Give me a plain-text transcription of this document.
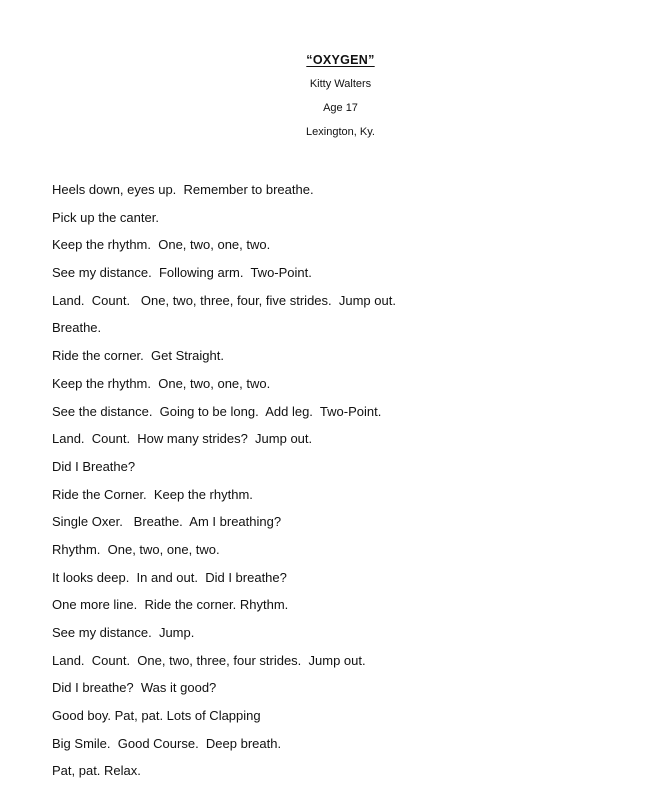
“OXYGEN”

Kitty Walters

Age 17

Lexington, Ky.

Heels down, eyes up.  Remember to breathe.
Pick up the canter.
Keep the rhythm.  One, two, one, two.
See my distance.  Following arm.  Two-Point.
Land.  Count.   One, two, three, four, five strides.  Jump out.
Breathe.
Ride the corner.  Get Straight.
Keep the rhythm.  One, two, one, two.
See the distance.  Going to be long.  Add leg.  Two-Point.
Land.  Count.  How many strides?  Jump out.
Did I Breathe?
Ride the Corner.  Keep the rhythm.
Single Oxer.   Breathe.  Am I breathing?
Rhythm.  One, two, one, two.
It looks deep.  In and out.  Did I breathe?
One more line.  Ride the corner. Rhythm.
See my distance.  Jump.
Land.  Count.  One, two, three, four strides.  Jump out.
Did I breathe?  Was it good?
Good boy. Pat, pat. Lots of Clapping
Big Smile.  Good Course.  Deep breath.
Pat, pat. Relax.
